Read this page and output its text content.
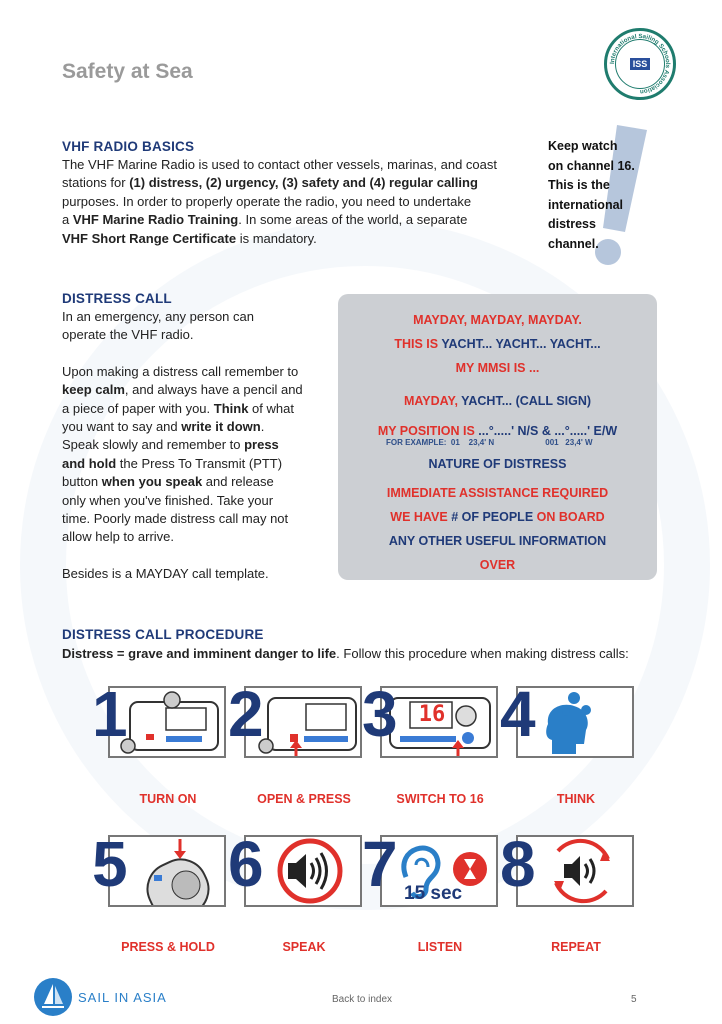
Safety at Sea	ISS
International Sailing Schools Association
VHF RADIO BASICS
The VHF Marine Radio is used to contact other vessels, marinas, and coast
stations for (1) distress, (2) urgency, (3) safety and (4) regular calling
purposes. In order to properly operate the radio, you need to undertake
a VHF Marine Radio Training. In some areas of the world, a separate
VHF Short Range Certificate is mandatory.
Keep watch
on channel 16.
This is the
international
distress
channel.
DISTRESS CALL
In an emergency, any person can
operate the VHF radio.
Upon making a distress call remember to
keep calm, and always have a pencil and
a piece of paper with you. Think of what
you want to say and write it down.
Speak slowly and remember to press
and hold the Press To Transmit (PTT)
button when you speak and release
only when you've finished. Take your
time. Poorly made distress call may not
allow help to arrive.
Besides is a MAYDAY call template.
MAYDAY, MAYDAY, MAYDAY.
THIS IS YACHT... YACHT... YACHT...
MY MMSI IS ...
MAYDAY, YACHT... (CALL SIGN)
MY POSITION IS ...°.....' N/S & ...°.....' E/W
FOR EXAMPLE:  01    23,4' N                       001   23,4' W
NATURE OF DISTRESS
IMMEDIATE ASSISTANCE REQUIRED
WE HAVE # OF PEOPLE ON BOARD
ANY OTHER USEFUL INFORMATION
OVER
DISTRESS CALL PROCEDURE
Distress = grave and imminent danger to life. Follow this procedure when making distress calls:
16
1 2 3 4
TURN ON	OPEN & PRESS	SWITCH TO 16	THINK
15 sec
5 6 7 8
PRESS & HOLD	SPEAK	LISTEN	REPEAT
SAIL IN ASIA	Back to index	5
